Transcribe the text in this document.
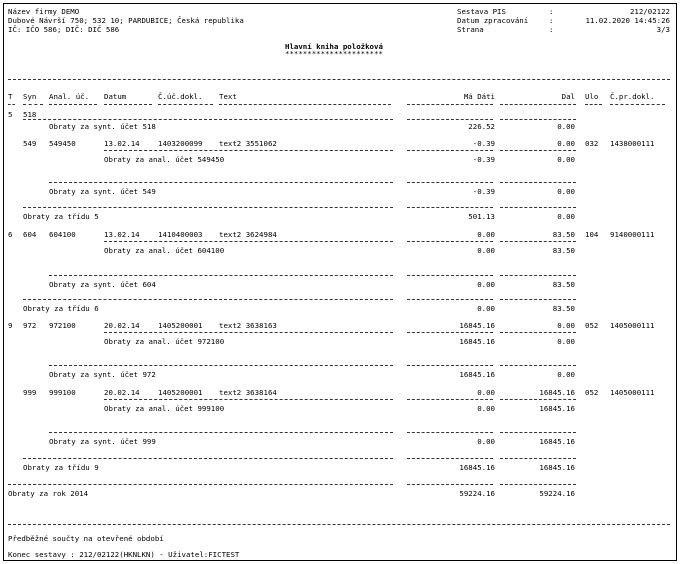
Název firmy DEMO
Dubové Návrší 750; 532 10; PARDUBICE; Česká republika
IČ: IČO 586; DIČ: DIČ 586
Sestava PIS	:	212/02122
Datum zpracování	:	11.02.2020 14:45:26
Strana	:	3/3
Hlavní kniha položková
**********************
T Syn Anal. úč. Datum	Č.úč.dokl. Text	Má Dáti	Dal Ulo Č.pr.dokl.
5 518
Obraty za synt. účet 518	226.52	0.00
549 549450	13.02.14 1403200099 text2 3551062	-0.39	0.00 032 1438000111
Obraty za anal. účet 549450	-0.39	0.00
Obraty za synt. účet 549	-0.39	0.00
Obraty za třídu 5	501.13	0.00
6 604 604100	13.02.14 1410400003 text2 3624984	0.00	83.50 104 9140000111
Obraty za anal. účet 604100	0.00	83.50
Obraty za synt. účet 604	0.00	83.50
Obraty za třídu 6	0.00	83.50
9 972 972100	20.02.14 1405200001 text2 3638163	16845.16	0.00 052 1405000111
Obraty za anal. účet 972100	16845.16	0.00
Obraty za synt. účet 972	16845.16	0.00
999 999100	20.02.14 1405200001 text2 3638164	0.00	16845.16 052 1405000111
Obraty za anal. účet 999100	0.00	16845.16
Obraty za synt. účet 999	0.00	16845.16
Obraty za třídu 9	16845.16	16845.16
Obraty za rok 2014	59224.16	59224.16
Předběžné součty na otevřené období
Konec sestavy : 212/02122(HKNLKN) - Uživatel:FICTEST
